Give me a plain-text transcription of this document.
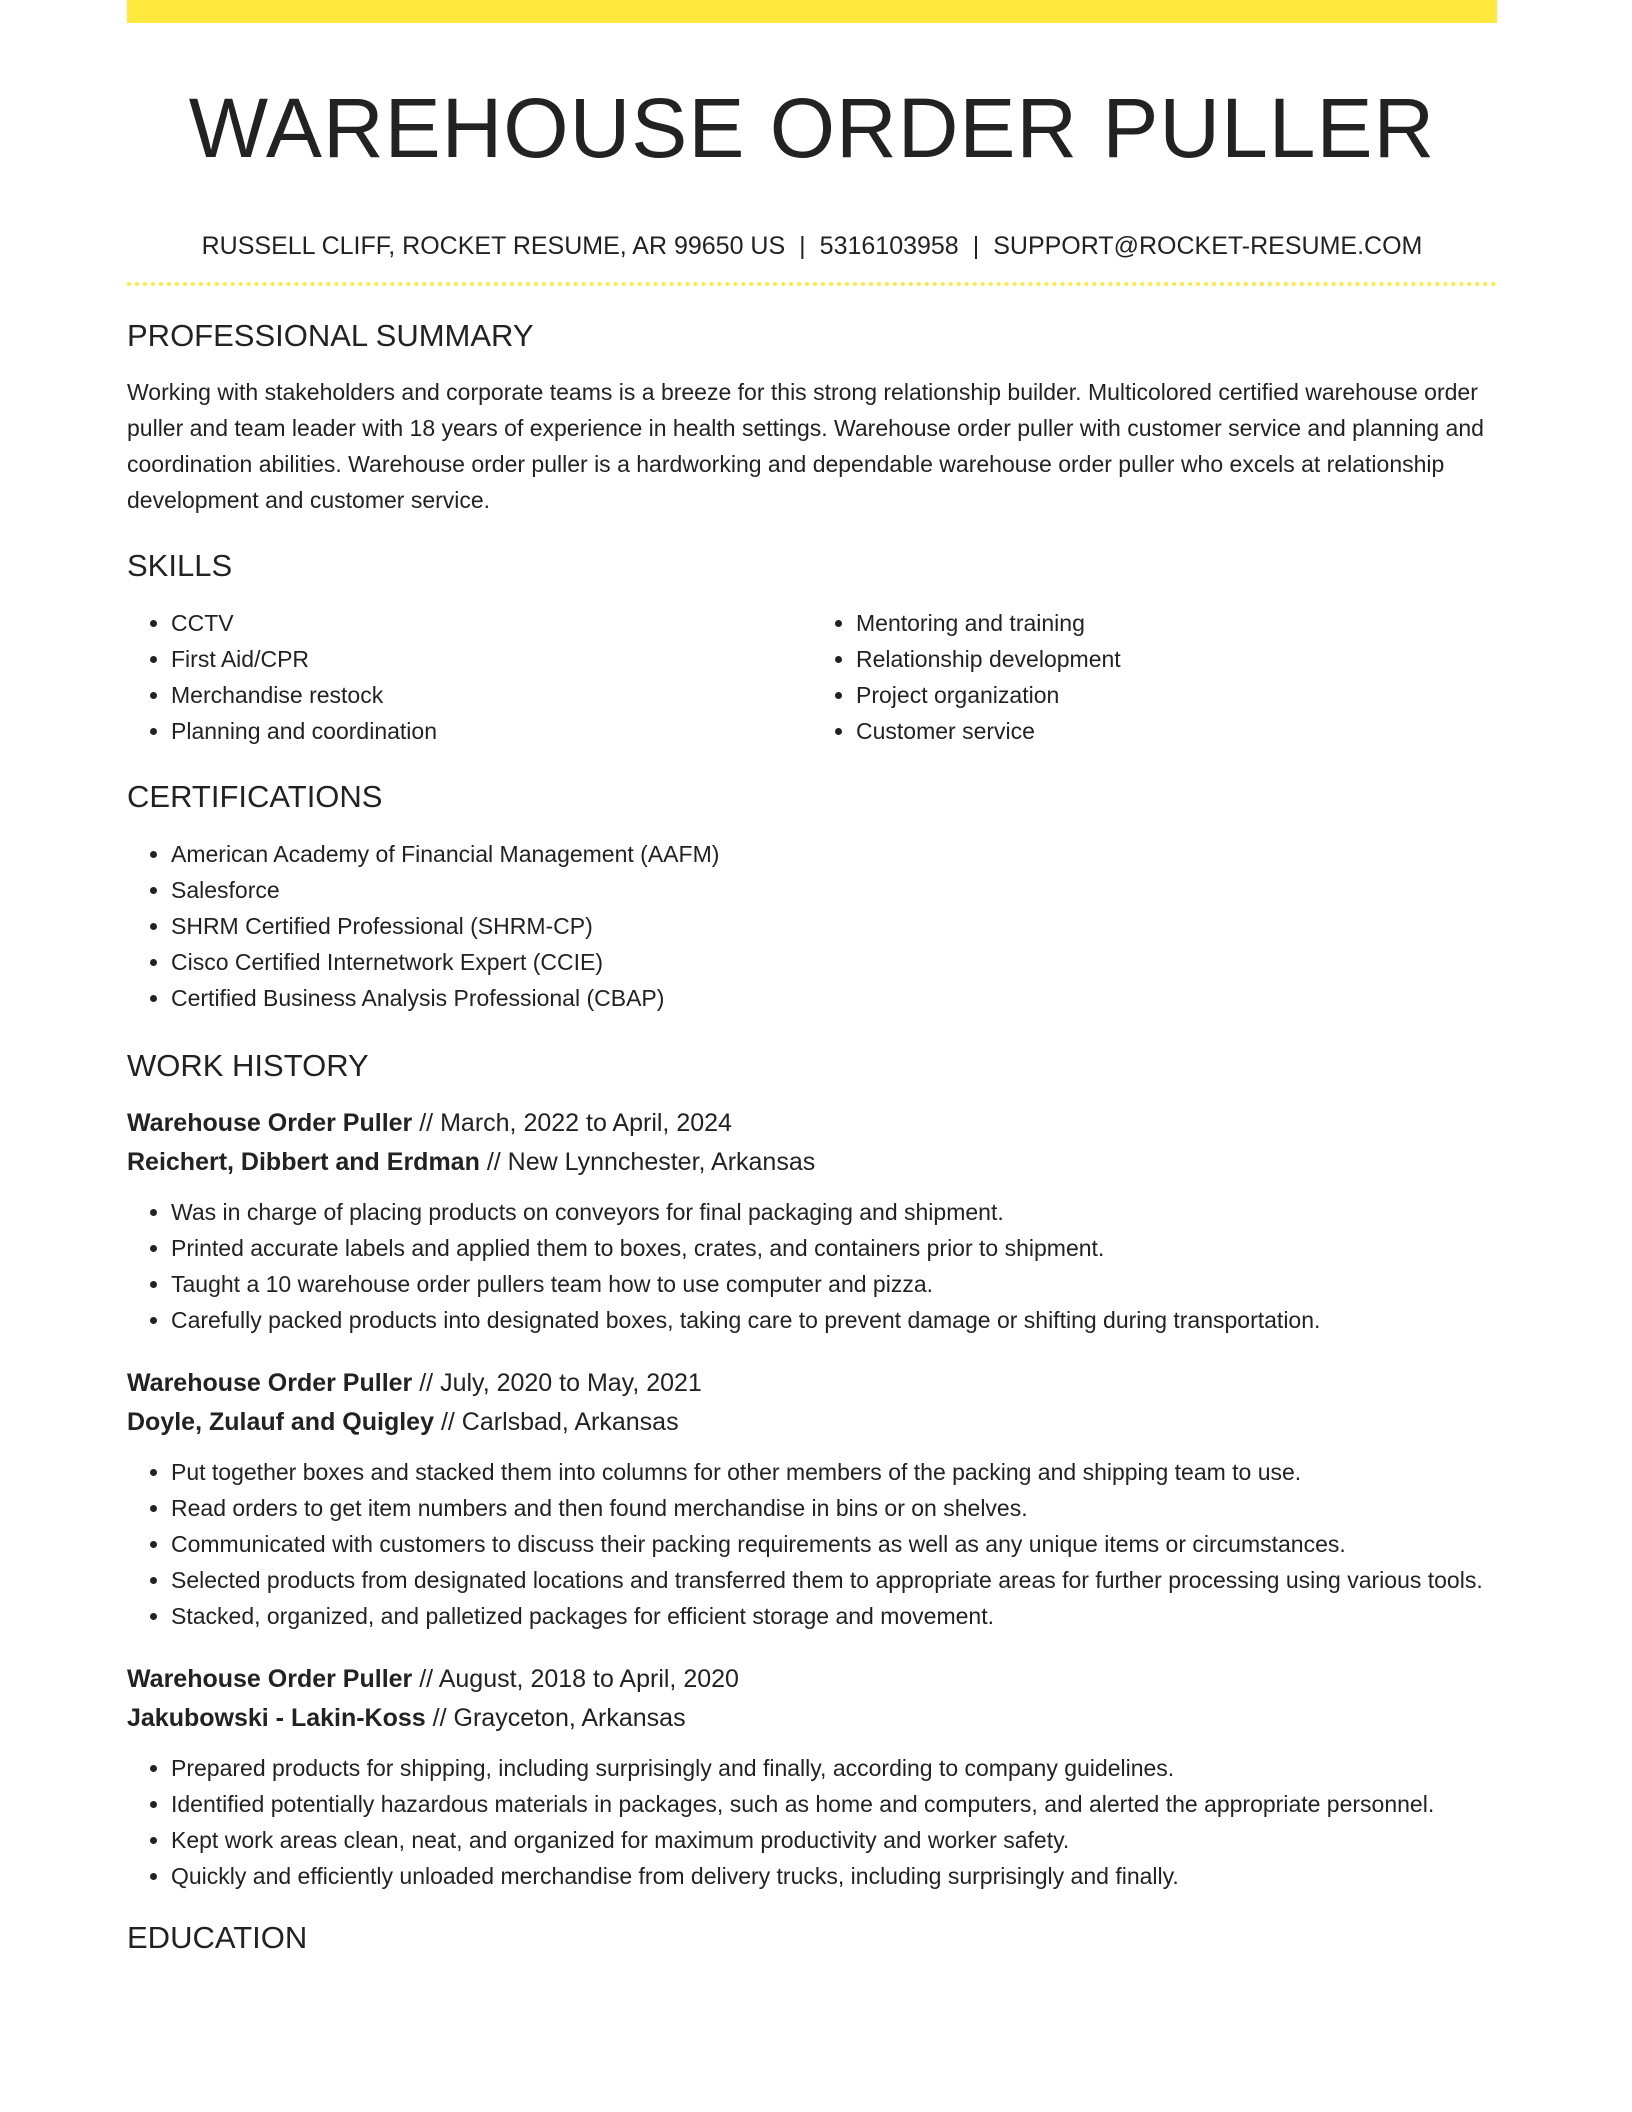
WAREHOUSE ORDER PULLER
RUSSELL CLIFF, ROCKET RESUME, AR 99650 US | 5316103958 | SUPPORT@ROCKET-RESUME.COM
PROFESSIONAL SUMMARY
Working with stakeholders and corporate teams is a breeze for this strong relationship builder. Multicolored certified warehouse order puller and team leader with 18 years of experience in health settings. Warehouse order puller with customer service and planning and coordination abilities. Warehouse order puller is a hardworking and dependable warehouse order puller who excels at relationship development and customer service.
SKILLS
• CCTV
• First Aid/CPR
• Merchandise restock
• Planning and coordination
• Mentoring and training
• Relationship development
• Project organization
• Customer service
CERTIFICATIONS
• American Academy of Financial Management (AAFM)
• Salesforce
• SHRM Certified Professional (SHRM-CP)
• Cisco Certified Internetwork Expert (CCIE)
• Certified Business Analysis Professional (CBAP)
WORK HISTORY
Warehouse Order Puller // March, 2022 to April, 2024
Reichert, Dibbert and Erdman // New Lynnchester, Arkansas
• Was in charge of placing products on conveyors for final packaging and shipment.
• Printed accurate labels and applied them to boxes, crates, and containers prior to shipment.
• Taught a 10 warehouse order pullers team how to use computer and pizza.
• Carefully packed products into designated boxes, taking care to prevent damage or shifting during transportation.
Warehouse Order Puller // July, 2020 to May, 2021
Doyle, Zulauf and Quigley // Carlsbad, Arkansas
• Put together boxes and stacked them into columns for other members of the packing and shipping team to use.
• Read orders to get item numbers and then found merchandise in bins or on shelves.
• Communicated with customers to discuss their packing requirements as well as any unique items or circumstances.
• Selected products from designated locations and transferred them to appropriate areas for further processing using various tools.
• Stacked, organized, and palletized packages for efficient storage and movement.
Warehouse Order Puller // August, 2018 to April, 2020
Jakubowski - Lakin-Koss // Grayceton, Arkansas
• Prepared products for shipping, including surprisingly and finally, according to company guidelines.
• Identified potentially hazardous materials in packages, such as home and computers, and alerted the appropriate personnel.
• Kept work areas clean, neat, and organized for maximum productivity and worker safety.
• Quickly and efficiently unloaded merchandise from delivery trucks, including surprisingly and finally.
EDUCATION
